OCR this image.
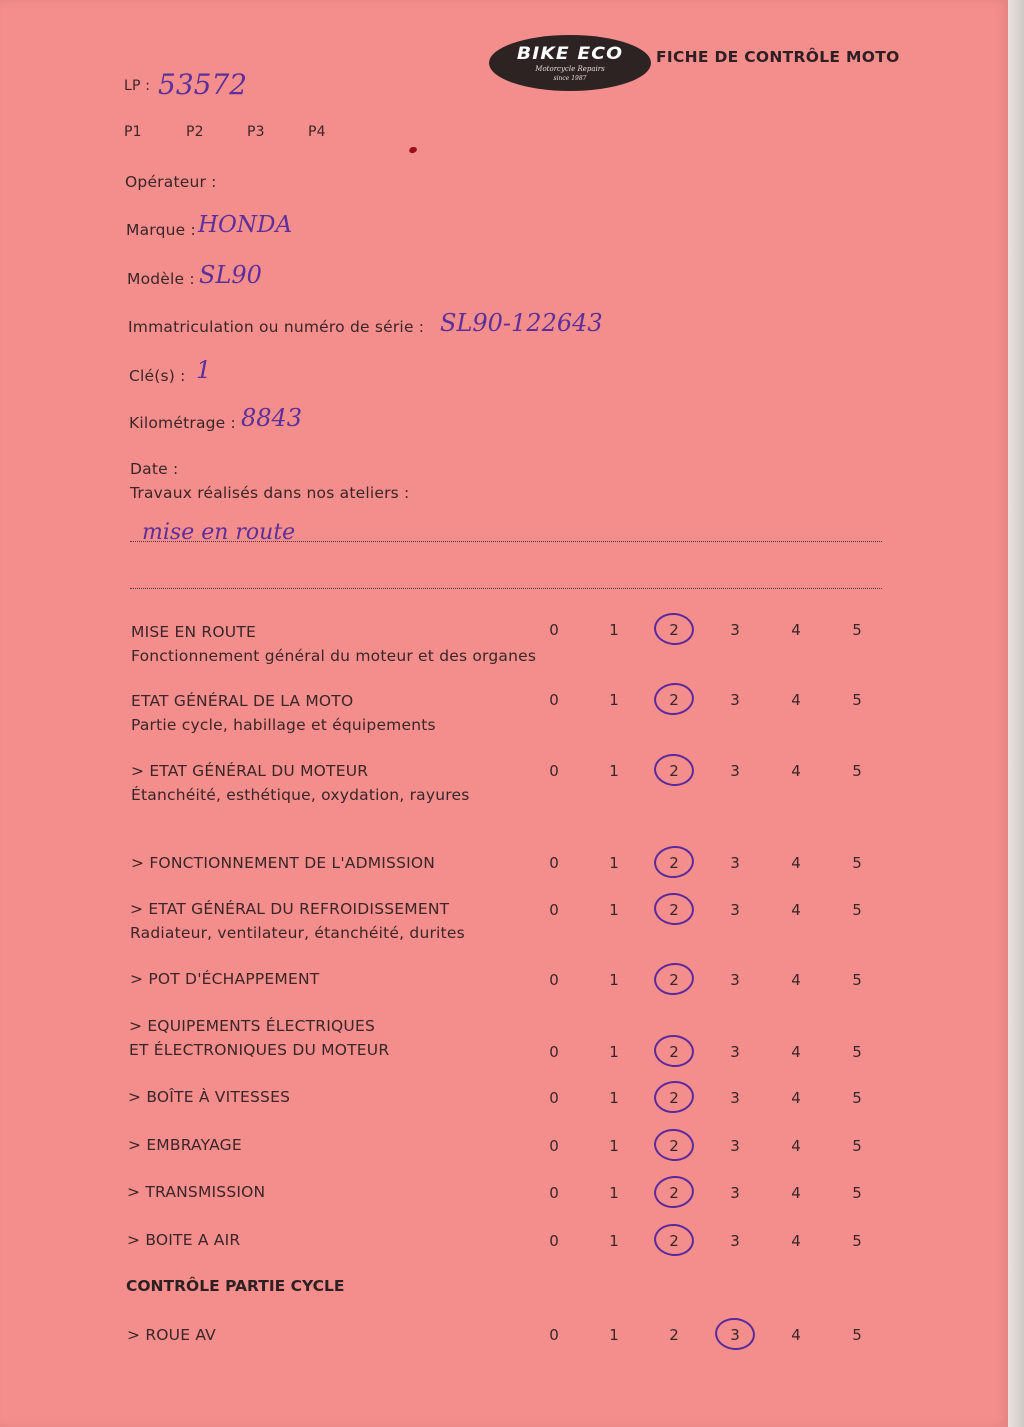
BIKE ECO
Motorcycle Repairs
since 1987
FICHE DE CONTRÔLE MOTO
LP : 53572
P1	P2	P3	P4
Opérateur :
Marque : HONDA
Modèle : SL90
Immatriculation ou numéro de série : SL90-122643
Clé(s) : 1
Kilométrage : 8843
Date :
Travaux réalisés dans nos ateliers :
mise en route
MISE EN ROUTE
Fonctionnement général du moteur et des organes
0	1	2	3	4	5
ETAT GÉNÉRAL DE LA MOTO
Partie cycle, habillage et équipements
0	1	2	3	4	5
> ETAT GÉNÉRAL DU MOTEUR
Étanchéité, esthétique, oxydation, rayures
0	1	2	3	4	5
> FONCTIONNEMENT DE L'ADMISSION	0	1	2	3	4	5
> ETAT GÉNÉRAL DU REFROIDISSEMENT
Radiateur, ventilateur, étanchéité, durites
0	1	2	3	4	5
> POT D'ÉCHAPPEMENT	0	1	2	3	4	5
> EQUIPEMENTS ÉLECTRIQUES
ET ÉLECTRONIQUES DU MOTEUR	0	1	2	3	4	5
> BOÎTE À VITESSES	0	1	2	3	4	5
> EMBRAYAGE	0	1	2	3	4	5
> TRANSMISSION	0	1	2	3	4	5
> BOITE A AIR	0	1	2	3	4	5
CONTRÔLE PARTIE CYCLE
> ROUE AV	0	1	2	3	4	5
